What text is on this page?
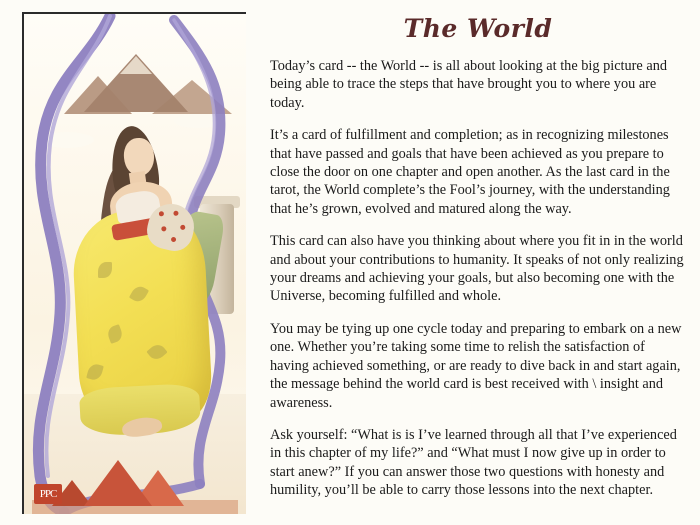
PPC
The World

Today’s card -- the World -- is all about looking at the big picture and being able to trace the steps that have brought you to where you are today.

It’s a card of fulfillment and completion; as in recognizing milestones that have passed and goals that have been achieved as you prepare to close the door on one chapter and open another. As the last card in the tarot, the World complete’s the Fool’s journey, with the understanding that he’s grown, evolved and matured along the way.

This card can also have you thinking about where you fit in in the world and about your contributions to humanity. It speaks of not only realizing your dreams and achieving your goals, but also becoming one with the Universe, becoming fulfilled and whole.

You may be tying up one cycle today and preparing to embark on a new one. Whether you’re taking some time to relish the satisfaction of having achieved something, or are ready to dive back in and start again, the message behind the world card is best received with \ insight and awareness.

Ask yourself: “What is is I’ve learned through all that I’ve experienced in this chapter of my life?” and “What must I now give up in order to start anew?” If you can answer those two questions with honesty and humility, you’ll be able to carry those lessons into the next chapter.
